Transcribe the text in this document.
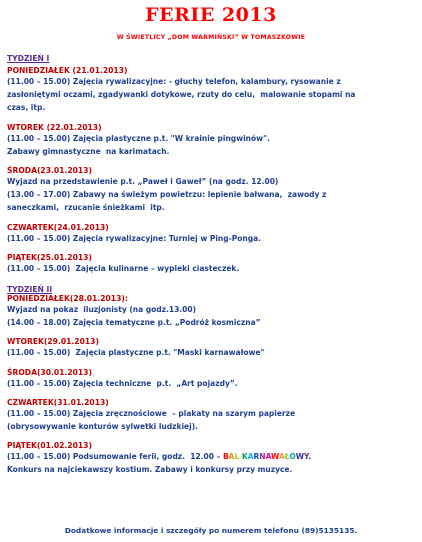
FERIE 2013
W ŚWIETLICY „DOM WARMIŃSKI” W TOMASZKOWIE
TYDZIEŃ I
PONIEDZIAŁEK (21.01.2013)
(11.00 – 15.00) Zajęcia rywalizacyjne: - głuchy telefon, kalambury, rysowanie z
zasłoniętymi oczami, zgadywanki dotykowe, rzuty do celu,  malowanie stopami na
czas, itp.
WTOREK (22.01.2013)
(11.00 – 15.00) Zajęcia plastyczne p.t. "W krainie pingwinów".
Zabawy gimnastyczne  na karimatach.
ŚRODA(23.01.2013)
Wyjazd na przedstawienie p.t. „Paweł i Gaweł” (na godz. 12.00)
(13.00 – 17.00) Zabawy na świeżym powietrzu: lepienie bałwana,  zawody z
saneczkami,  rzucanie śnieżkami  itp.
CZWARTEK(24.01.2013)
(11.00 – 15.00) Zajęcia rywalizacyjne: Turniej w Ping-Ponga.
PIĄTEK(25.01.2013)
(11.00 – 15.00)  Zajęcia kulinarne – wypieki ciasteczek.
TYDZIEŃ II
PONIEDZIAŁEK(28.01.2013):
Wyjazd na pokaz  iluzjonisty (na godz.13.00)
(14.00 – 18.00) Zajęcia tematyczne p.t. „Podróż kosmiczna”
WTOREK(29.01.2013)
(11.00 – 15.00)  Zajęcia plastyczne p.t. "Maski karnawałowe"
ŚRODA(30.01.2013)
(11.00 – 15.00) Zajęcia techniczne  p.t.  „Art pojazdy”.
CZWARTEK(31.01.2013)
(11.00 – 15.00) Zajęcia zręcznościowe  – plakaty na szarym papierze
(obrysowywanie konturów sylwetki ludzkiej).
PIĄTEK(01.02.2013)
(11.00 – 15.00) Podsumowanie ferii, godz.  12.00 – BAL KARNAWAŁOWY.
Konkurs na najciekawszy kostium. Zabawy i konkursy przy muzyce.
Dodatkowe informacje i szczegóły po numerem telefonu (89)5135135.
